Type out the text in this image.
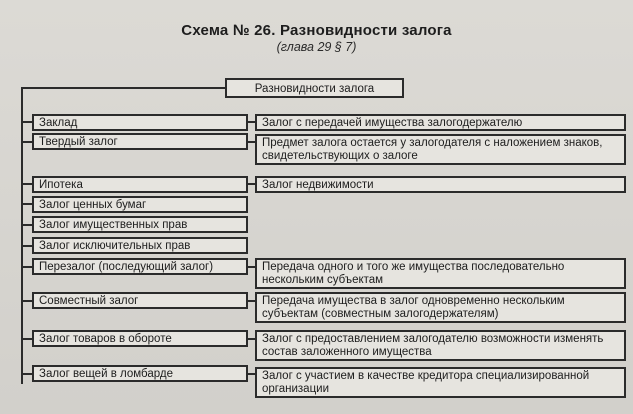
Схема № 26. Разновидности залога
(глава 29 § 7)
Разновидности залога
Заклад
Твердый залог
Ипотека
Залог ценных бумаг
Залог имущественных прав
Залог исключительных прав
Перезалог (последующий залог)
Совместный залог
Залог товаров в обороте
Залог вещей в ломбарде
Залог с передачей имущества залогодержателю
Предмет залога остается у залогодателя с наложением знаков, свидетельствующих о залоге
Залог недвижимости
Передача одного и того же имущества последовательно нескольким субъектам
Передача имущества в залог одновременно нескольким субъектам (совместным залогодержателям)
Залог с предоставлением залогодателю возможности изменять состав заложенного имущества
Залог с участием в качестве кредитора специализированной организации
